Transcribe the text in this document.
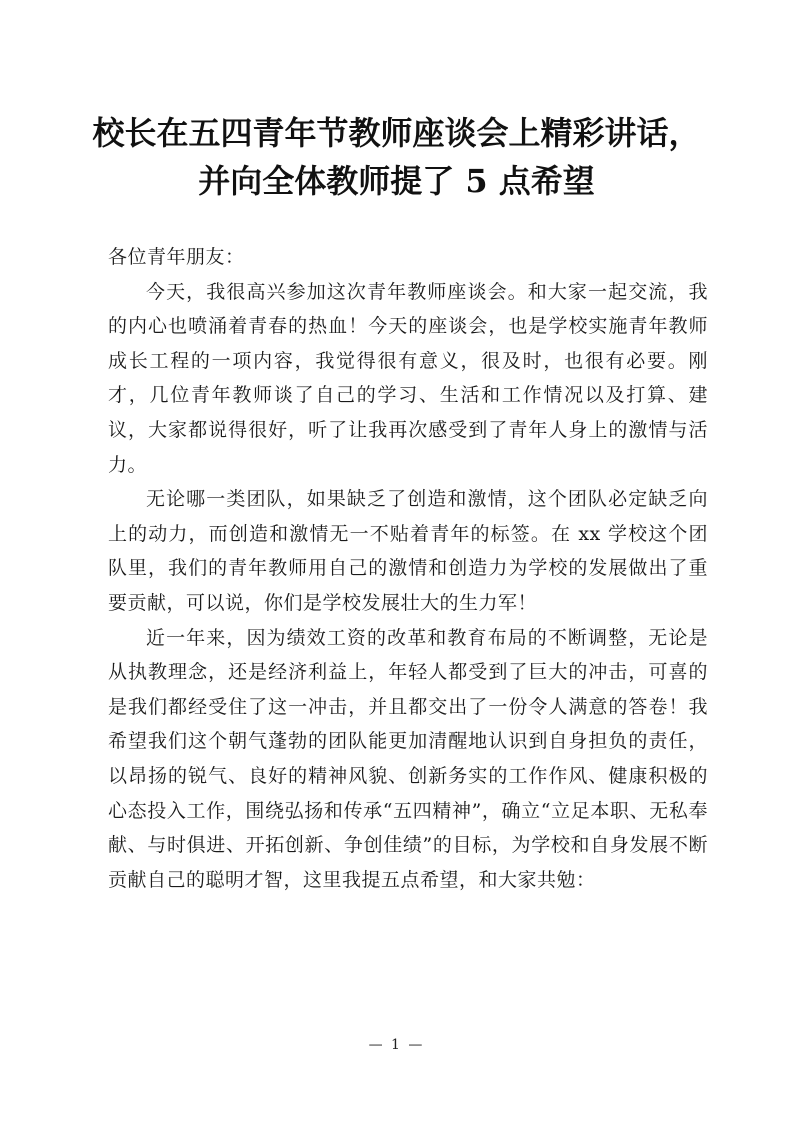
校长在五四青年节教师座谈会上精彩讲话，
并向全体教师提了 5 点希望

各位青年朋友：

今天，我很高兴参加这次青年教师座谈会。和大家一起交流，我的内心也喷涌着青春的热血！今天的座谈会，也是学校实施青年教师成长工程的一项内容，我觉得很有意义，很及时，也很有必要。刚才，几位青年教师谈了自己的学习、生活和工作情况以及打算、建议，大家都说得很好，听了让我再次感受到了青年人身上的激情与活力。

无论哪一类团队，如果缺乏了创造和激情，这个团队必定缺乏向上的动力，而创造和激情无一不贴着青年的标签。在 xx 学校这个团队里，我们的青年教师用自己的激情和创造力为学校的发展做出了重要贡献，可以说，你们是学校发展壮大的生力军！

近一年来，因为绩效工资的改革和教育布局的不断调整，无论是从执教理念，还是经济利益上，年轻人都受到了巨大的冲击，可喜的是我们都经受住了这一冲击，并且都交出了一份令人满意的答卷！我希望我们这个朝气蓬勃的团队能更加清醒地认识到自身担负的责任，以昂扬的锐气、良好的精神风貌、创新务实的工作作风、健康积极的心态投入工作，围绕弘扬和传承“五四精神”，确立“立足本职、无私奉献、与时俱进、开拓创新、争创佳绩”的目标，为学校和自身发展不断贡献自己的聪明才智，这里我提五点希望，和大家共勉：

— 1 —
